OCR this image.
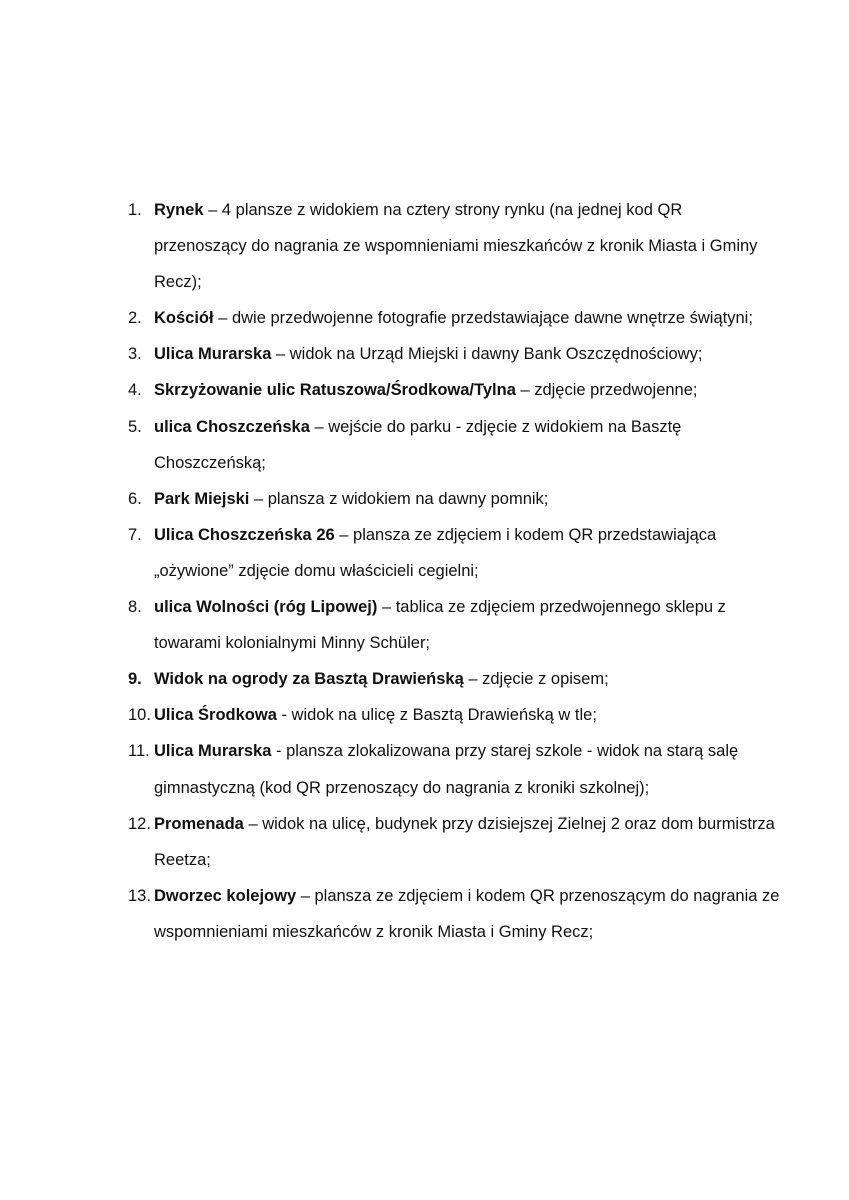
1. Rynek – 4 plansze z widokiem na cztery strony rynku (na jednej kod QR przenoszący do nagrania ze wspomnieniami mieszkańców z kronik Miasta i Gminy Recz);

2. Kościół – dwie przedwojenne fotografie przedstawiające dawne wnętrze świątyni;

3. Ulica Murarska – widok na Urząd Miejski i dawny Bank Oszczędnościowy;

4. Skrzyżowanie ulic Ratuszowa/Środkowa/Tylna – zdjęcie przedwojenne;

5. ulica Choszczeńska – wejście do parku - zdjęcie z widokiem na Basztę Choszczeńską;

6. Park Miejski – plansza z widokiem na dawny pomnik;

7. Ulica Choszczeńska 26 – plansza ze zdjęciem i kodem QR przedstawiająca „ożywione” zdjęcie domu właścicieli cegielni;

8. ulica Wolności (róg Lipowej) – tablica ze zdjęciem przedwojennego sklepu z towarami kolonialnymi Minny Schüler;

9. Widok na ogrody za Basztą Drawieńską – zdjęcie z opisem;

10. Ulica Środkowa - widok na ulicę z Basztą Drawieńską w tle;

11. Ulica Murarska - plansza zlokalizowana przy starej szkole - widok na starą salę gimnastyczną (kod QR przenoszący do nagrania z kroniki szkolnej);

12. Promenada – widok na ulicę, budynek przy dzisiejszej Zielnej 2 oraz dom burmistrza Reetza;

13. Dworzec kolejowy – plansza ze zdjęciem i kodem QR przenoszącym do nagrania ze wspomnieniami mieszkańców z kronik Miasta i Gminy Recz;
